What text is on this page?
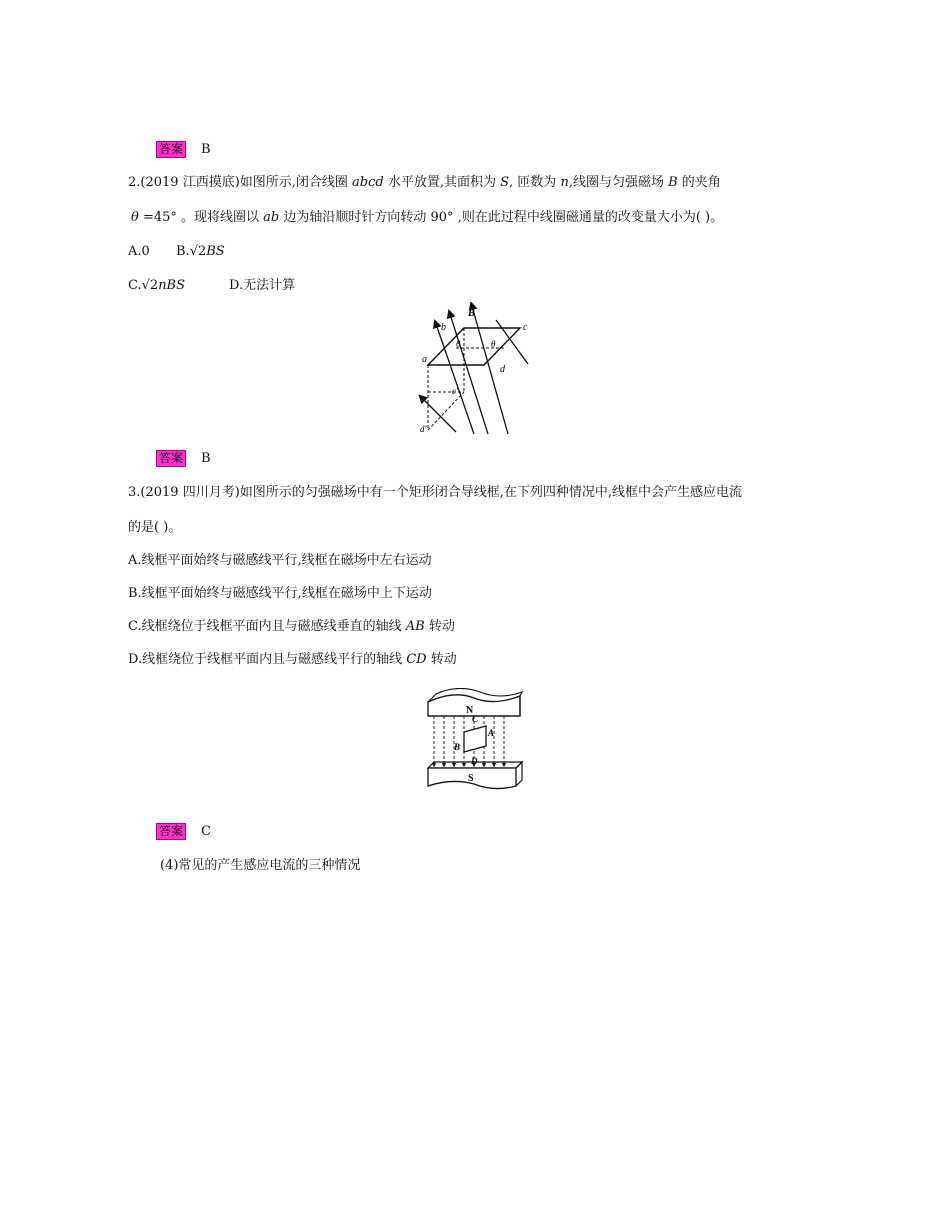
答案 B
2.(2019 江西摸底)如图所示,闭合线圈 abcd 水平放置,其面积为 S, 匝数为 n,线圈与匀强磁场 B 的夹角
θ =45° 。现将线圈以 ab 边为轴沿顺时针方向转动 90° ,则在此过程中线圈磁通量的改变量大小为( )。
A.0 B.√2BS
C.√2nBS	D.无法计算
B
b	c
a
d
θ	θ
c'
d'
答案 B
3.(2019 四川月考)如图所示的匀强磁场中有一个矩形闭合导线框,在下列四种情况中,线框中会产生感应电流
的是( )。
A.线框平面始终与磁感线平行,线框在磁场中左右运动
B.线框平面始终与磁感线平行,线框在磁场中上下运动
C.线框绕位于线框平面内且与磁感线垂直的轴线 AB 转动
D.线框绕位于线框平面内且与磁感线平行的轴线 CD 转动
N
S
C
A
B
D
答案 C
(4)常见的产生感应电流的三种情况
